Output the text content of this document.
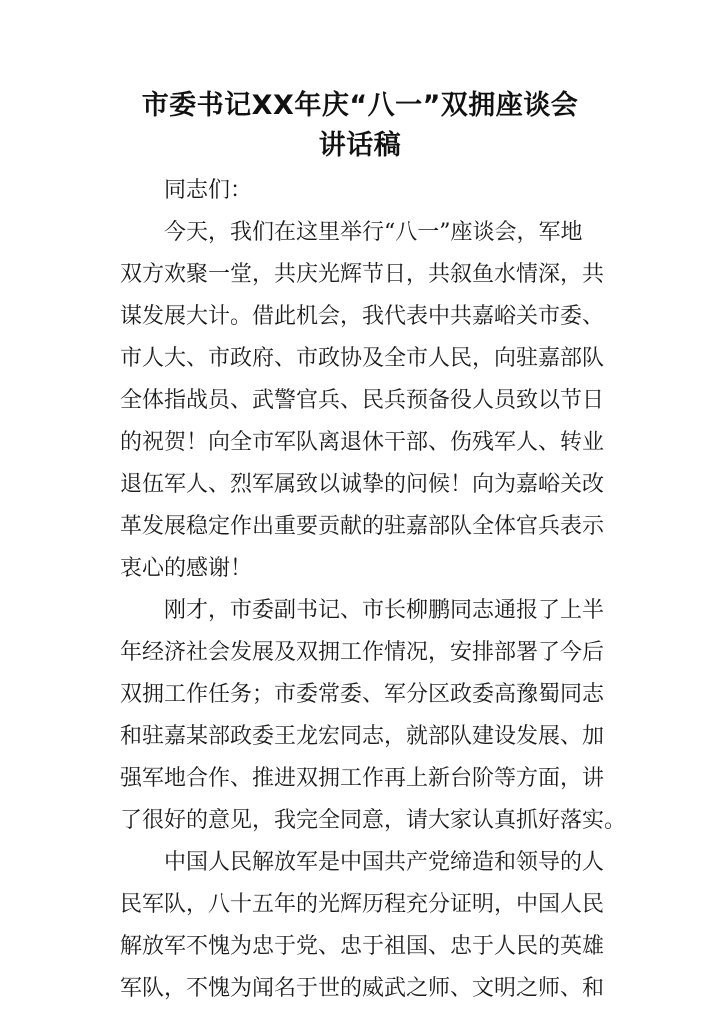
市委书记XX年庆“八一”双拥座谈会
讲话稿
　　同志们：
　　今天，我们在这里举行“八一”座谈会，军地
双方欢聚一堂，共庆光辉节日，共叙鱼水情深，共
谋发展大计。借此机会，我代表中共嘉峪关市委、
市人大、市政府、市政协及全市人民，向驻嘉部队
全体指战员、武警官兵、民兵预备役人员致以节日
的祝贺！向全市军队离退休干部、伤残军人、转业
退伍军人、烈军属致以诚挚的问候！向为嘉峪关改
革发展稳定作出重要贡献的驻嘉部队全体官兵表示
衷心的感谢！
　　刚才，市委副书记、市长柳鹏同志通报了上半
年经济社会发展及双拥工作情况，安排部署了今后
双拥工作任务；市委常委、军分区政委高豫蜀同志
和驻嘉某部政委王龙宏同志，就部队建设发展、加
强军地合作、推进双拥工作再上新台阶等方面，讲
了很好的意见，我完全同意，请大家认真抓好落实。
　　中国人民解放军是中国共产党缔造和领导的人
民军队，八十五年的光辉历程充分证明，中国人民
解放军不愧为忠于党、忠于祖国、忠于人民的英雄
军队，不愧为闻名于世的威武之师、文明之师、和
